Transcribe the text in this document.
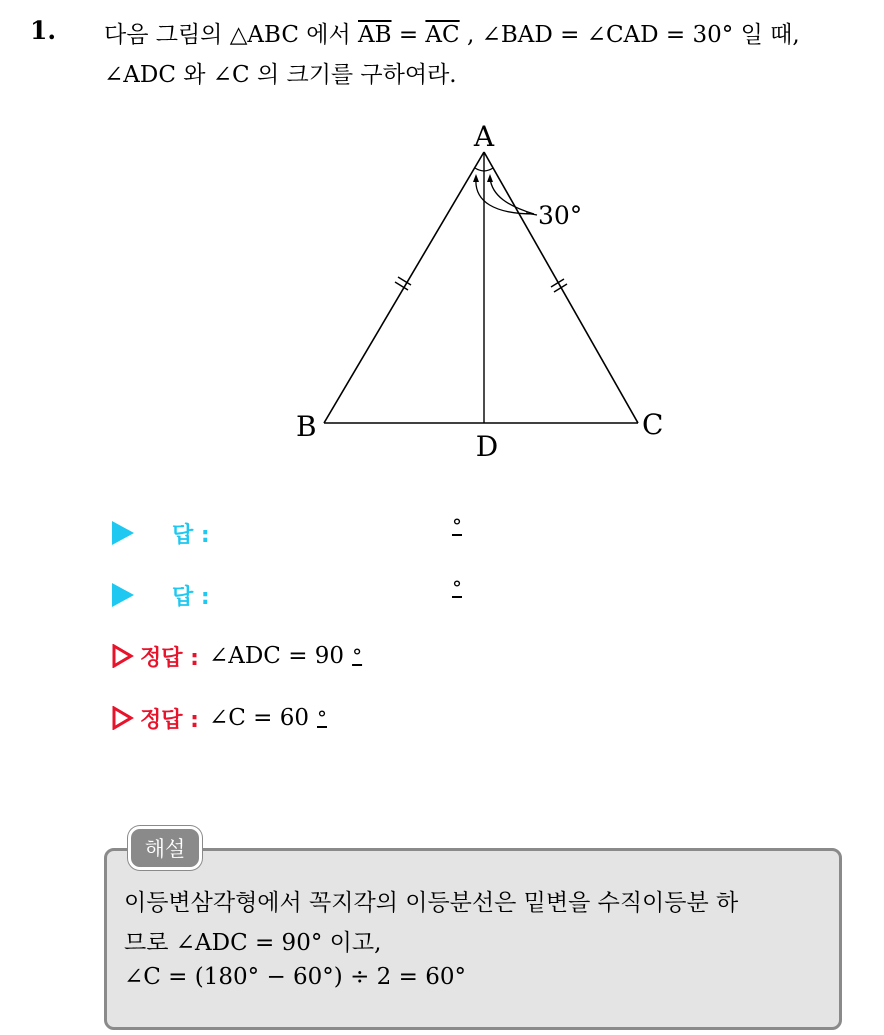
1. 다음 그림의 △ABC 에서 $\overline{AB} = \overline{AC}$ , ∠BAD = ∠CAD = 30° 일 때,
∠ADC 와 ∠C 의 크기를 구하여라.
A
B	C
D
30°
답 :	°
답 :	°
정답 : ∠ADC = 90 °
정답 : ∠C = 60 °
해설
이등변삼각형에서 꼭지각의 이등분선은 밑변을 수직이등분 하
므로 ∠ADC = 90° 이고,
∠C = (180° − 60°) ÷ 2 = 60°
